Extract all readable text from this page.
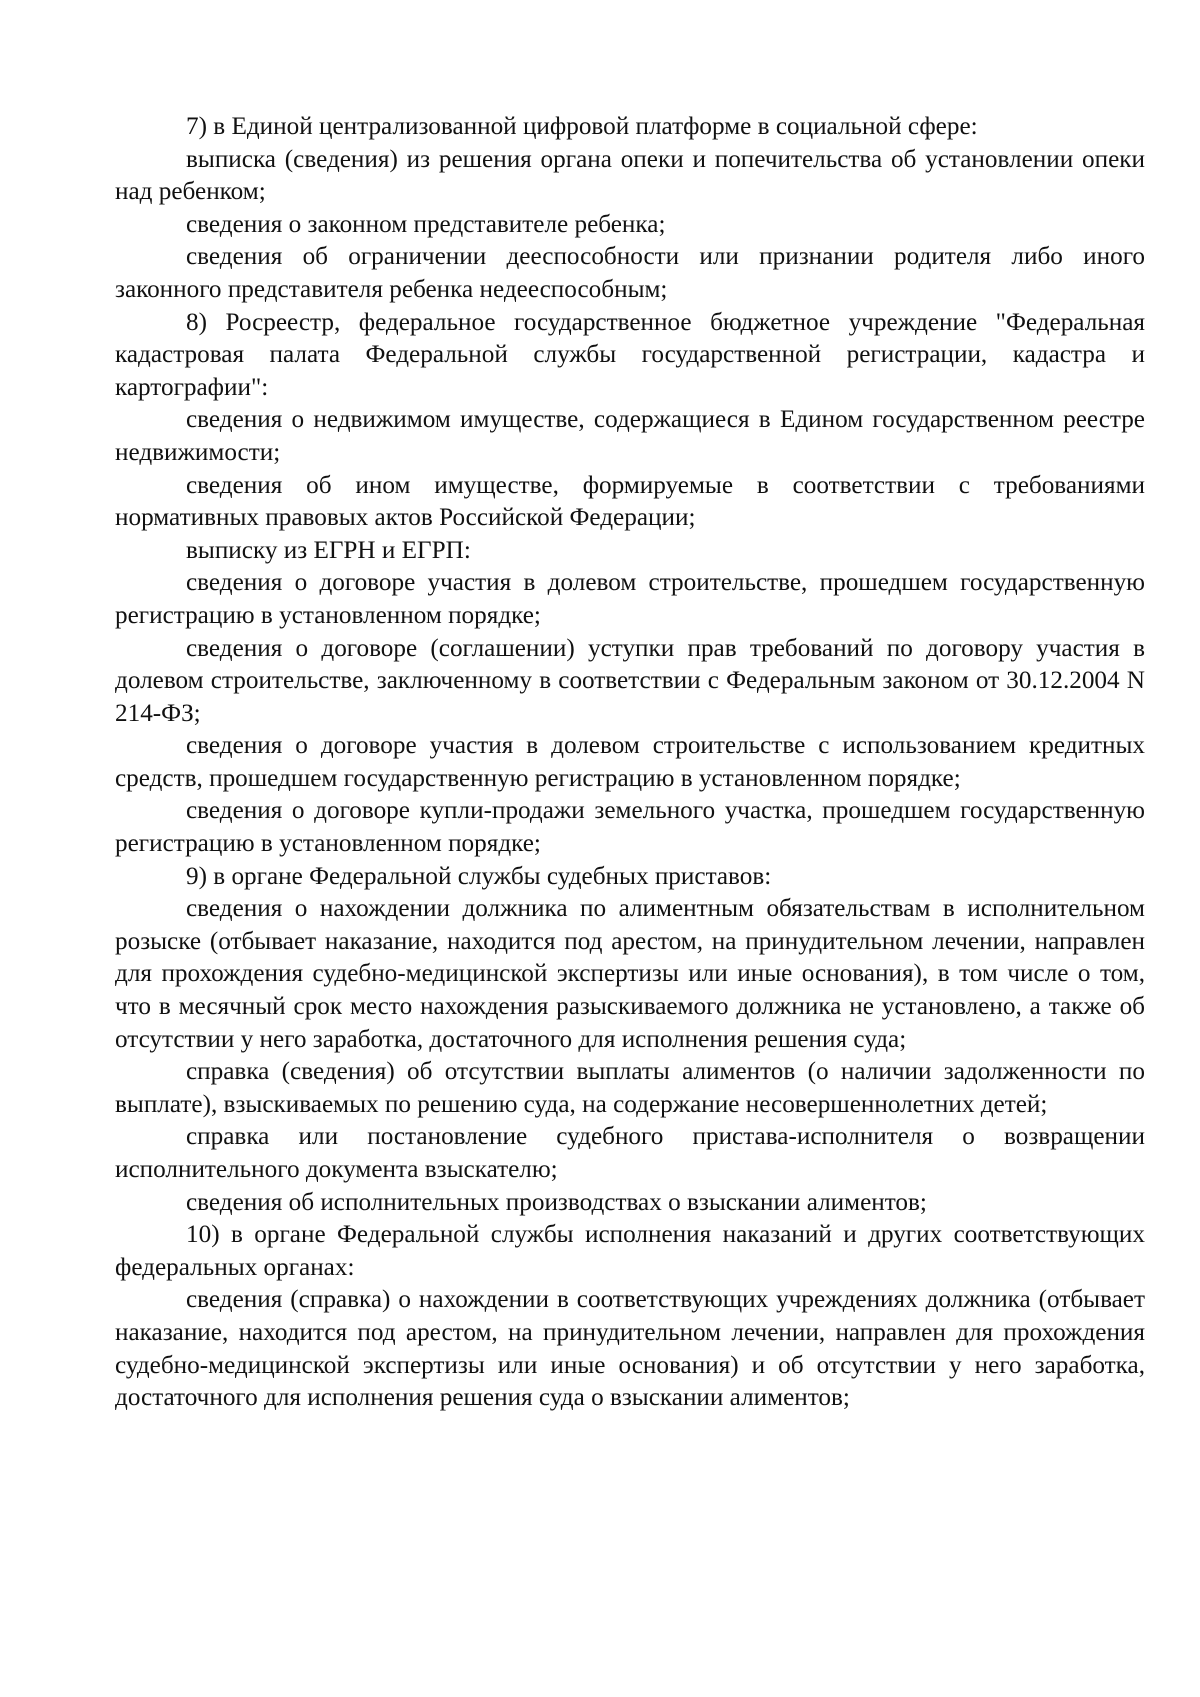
7) в Единой централизованной цифровой платформе в социальной сфере:

выписка (сведения) из решения органа опеки и попечительства об установлении опеки над ребенком;

сведения о законном представителе ребенка;

сведения об ограничении дееспособности или признании родителя либо иного законного представителя ребенка недееспособным;

8) Росреестр, федеральное государственное бюджетное учреждение "Федеральная кадастровая палата Федеральной службы государственной регистрации, кадастра и картографии":

сведения о недвижимом имуществе, содержащиеся в Едином государственном реестре недвижимости;

сведения об ином имуществе, формируемые в соответствии с требованиями нормативных правовых актов Российской Федерации;

выписку из ЕГРН и ЕГРП:

сведения о договоре участия в долевом строительстве, прошедшем государственную регистрацию в установленном порядке;

сведения о договоре (соглашении) уступки прав требований по договору участия в долевом строительстве, заключенному в соответствии с Федеральным законом от 30.12.2004 N 214-ФЗ;

сведения о договоре участия в долевом строительстве с использованием кредитных средств, прошедшем государственную регистрацию в установленном порядке;

сведения о договоре купли-продажи земельного участка, прошедшем государственную регистрацию в установленном порядке;

9) в органе Федеральной службы судебных приставов:

сведения о нахождении должника по алиментным обязательствам в исполнительном розыске (отбывает наказание, находится под арестом, на принудительном лечении, направлен для прохождения судебно-медицинской экспертизы или иные основания), в том числе о том, что в месячный срок место нахождения разыскиваемого должника не установлено, а также об отсутствии у него заработка, достаточного для исполнения решения суда;

справка (сведения) об отсутствии выплаты алиментов (о наличии задолженности по выплате), взыскиваемых по решению суда, на содержание несовершеннолетних детей;

справка или постановление судебного пристава-исполнителя о возвращении исполнительного документа взыскателю;

сведения об исполнительных производствах о взыскании алиментов;

10) в органе Федеральной службы исполнения наказаний и других соответствующих федеральных органах:

сведения (справка) о нахождении в соответствующих учреждениях должника (отбывает наказание, находится под арестом, на принудительном лечении, направлен для прохождения судебно-медицинской экспертизы или иные основания) и об отсутствии у него заработка, достаточного для исполнения решения суда о взыскании алиментов;
